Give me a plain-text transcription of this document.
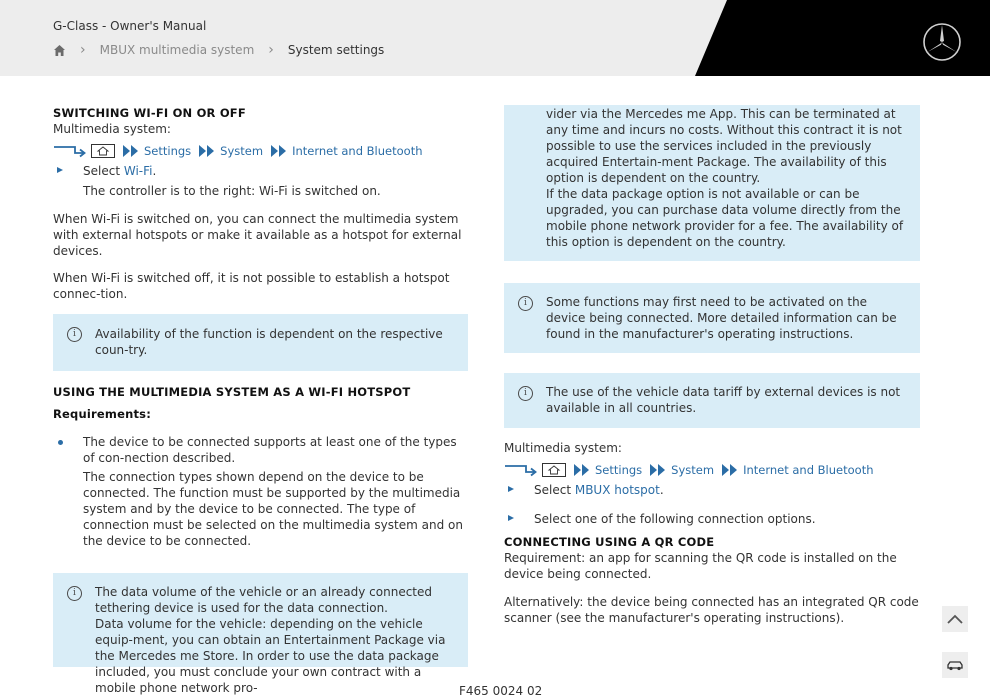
G-Class - Owner's Manual
› MBUX multimedia system › System settings

SWITCHING WI-FI ON OR OFF

Multimedia system:

Settings	System	Internet and Bluetooth
Select Wi-Fi.

The controller is to the right: Wi-Fi is switched on.

When Wi-Fi is switched on, you can connect the multimedia system with external hotspots or make it available as a hotspot for external devices.

When Wi-Fi is switched off, it is not possible to establish a hotspot connec-tion.

i	Availability of the function is dependent on the respective coun-try.

USING THE MULTIMEDIA SYSTEM AS A WI-FI HOTSPOT

Requirements:

The device to be connected supports at least one of the types of con-nection described.

The connection types shown depend on the device to be connected. The function must be supported by the multimedia system and by the device to be connected. The type of connection must be selected on the multimedia system and on the device to be connected.

i	The data volume of the vehicle or an already connected tethering device is used for the data connection.
Data volume for the vehicle: depending on the vehicle equip-ment, you can obtain an Entertainment Package via the Mercedes me Store. In order to use the data package included, you must conclude your own contract with a mobile phone network pro-
vider via the Mercedes me App. This can be terminated at any time and incurs no costs. Without this contract it is not possible to use the services included in the previously acquired Entertain-ment Package. The availability of this option is dependent on the country.
If the data package option is not available or can be upgraded, you can purchase data volume directly from the mobile phone network provider for a fee. The availability of this option is dependent on the country.
i	Some functions may first need to be activated on the device being connected. More detailed information can be found in the manufacturer's operating instructions.
i	The use of the vehicle data tariff by external devices is not available in all countries.

Multimedia system:

Settings	System	Internet and Bluetooth
Select MBUX hotspot.
Select one of the following connection options.

CONNECTING USING A QR CODE

Requirement: an app for scanning the QR code is installed on the device being connected.

Alternatively: the device being connected has an integrated QR code scanner (see the manufacturer's operating instructions).

F465 0024 02
